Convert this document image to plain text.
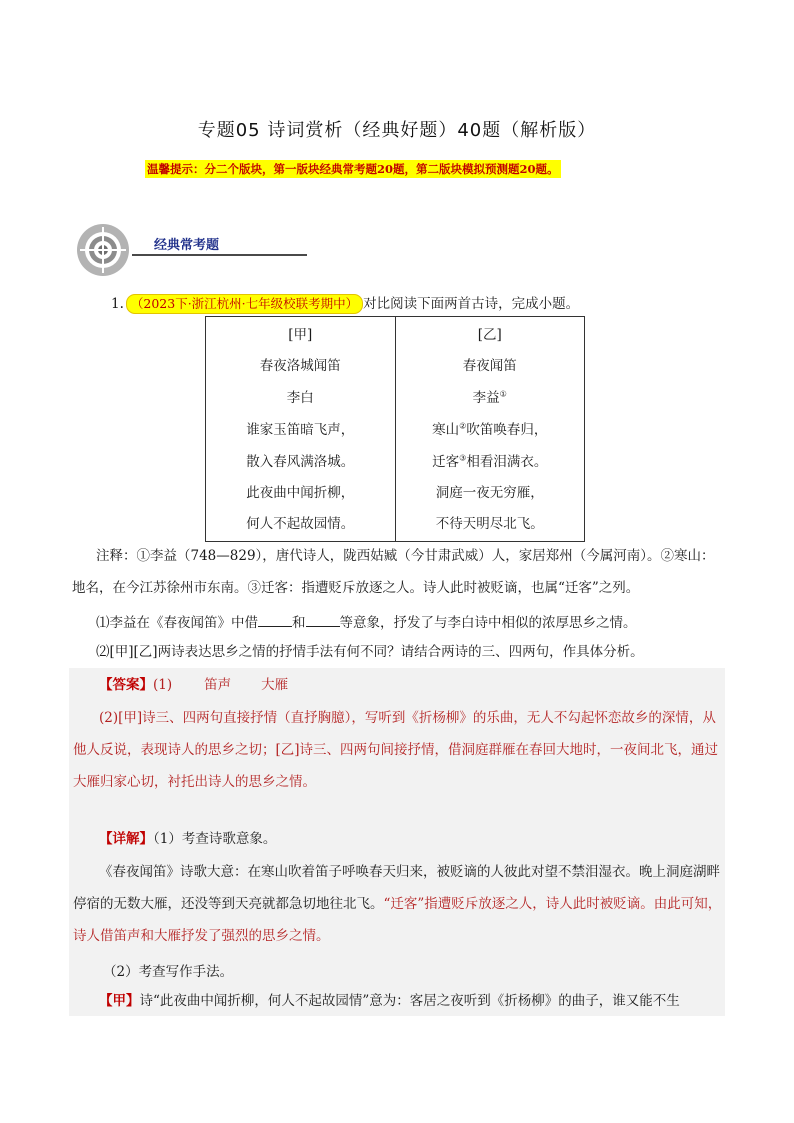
专题05 诗词赏析（经典好题）40题（解析版）
温馨提示：分二个版块，第一版块经典常考题20题，第二版块模拟预测题20题。
经典常考题
1. （2023下·浙江杭州·七年级校联考期中） 对比阅读下面两首古诗，完成小题。
[甲]
春夜洛城闻笛
李白
谁家玉笛暗飞声，
散入春风满洛城。
此夜曲中闻折柳，
何人不起故园情。
[乙]
春夜闻笛
李益①
寒山②吹笛唤春归，
迁客③相看泪满衣。
洞庭一夜无穷雁，
不待天明尽北飞。
注释：①李益（748—829），唐代诗人，陇西姑臧（今甘肃武威）人，家居郑州（今属河南）。②寒山：
地名，在今江苏徐州市东南。③迁客：指遭贬斥放逐之人。诗人此时被贬谪，也属“迁客”之列。
⑴李益在《春夜闻笛》中借	和	等意象，抒发了与李白诗中相似的浓厚思乡之情。
⑵[甲][乙]两诗表达思乡之情的抒情手法有何不同？请结合两诗的三、四两句，作具体分析。
【答案】(1) 笛声 大雁
(2)[甲]诗三、四两句直接抒情（直抒胸臆），写听到《折杨柳》的乐曲，无人不勾起怀恋故乡的深情，从他人反说，表现诗人的思乡之切；[乙]诗三、四两句间接抒情，借洞庭群雁在春回大地时，一夜间北飞，通过大雁归家心切，衬托出诗人的思乡之情。
【详解】（1）考查诗歌意象。
《春夜闻笛》诗歌大意：在寒山吹着笛子呼唤春天归来，被贬谪的人彼此对望不禁泪湿衣。晚上洞庭湖畔停宿的无数大雁，还没等到天亮就都急切地往北飞。“迁客”指遭贬斥放逐之人，诗人此时被贬谪。由此可知，诗人借笛声和大雁抒发了强烈的思乡之情。
（2）考查写作手法。
【甲】诗“此夜曲中闻折柳，何人不起故园情”意为：客居之夜听到《折杨柳》的曲子，谁又能不生
